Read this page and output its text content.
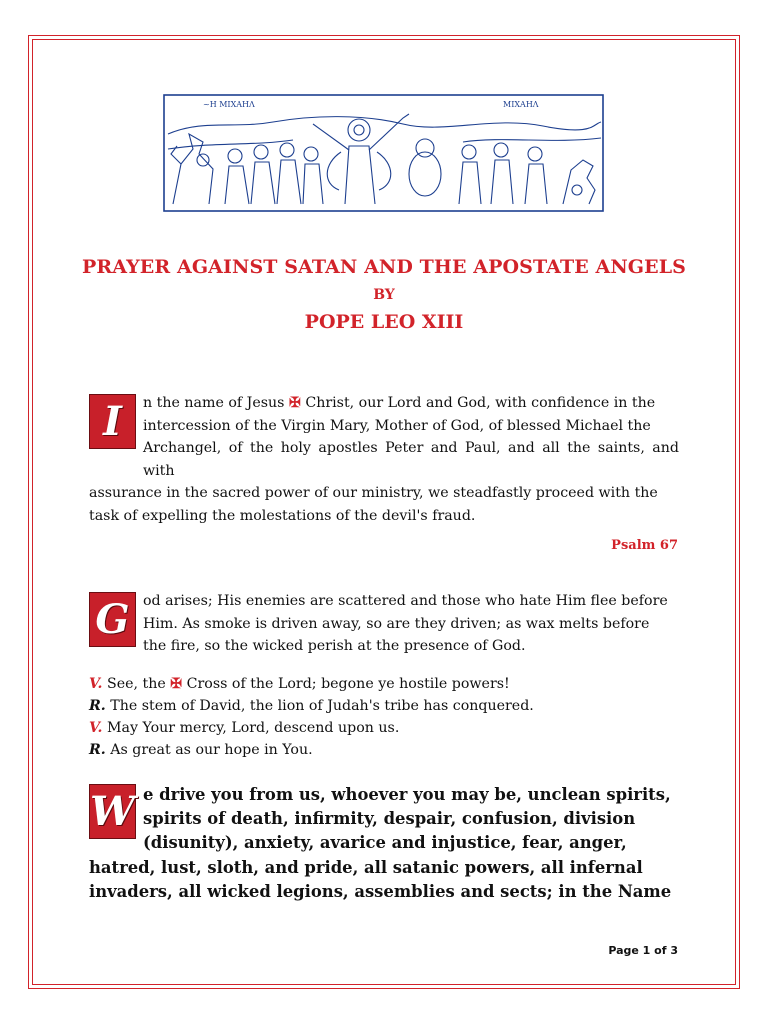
~Η ΜΙΧΑΗΛ	ΜΙΧΑΗΛ
PRAYER AGAINST SATAN AND THE APOSTATE ANGELS
BY
POPE LEO XIII
I	n the name of Jesus ✠ Christ, our Lord and God, with confidence in the
intercession of the Virgin Mary, Mother of God, of blessed Michael the
Archangel, of the holy apostles Peter and Paul, and all the saints, and with
assurance in the sacred power of our ministry, we steadfastly proceed with the
task of expelling the molestations of the devil's fraud.
Psalm 67
G od arises; His enemies are scattered and those who hate Him flee before
Him. As smoke is driven away, so are they driven; as wax melts before
the fire, so the wicked perish at the presence of God.
V. See, the ✠ Cross of the Lord; begone ye hostile powers!
R. The stem of David, the lion of Judah's tribe has conquered.
V. May Your mercy, Lord, descend upon us.
R. As great as our hope in You.
W e drive you from us, whoever you may be, unclean spirits,
spirits of death, infirmity, despair, confusion, division
(disunity), anxiety, avarice and injustice, fear, anger,
hatred, lust, sloth, and pride, all satanic powers, all infernal
invaders, all wicked legions, assemblies and sects; in the Name
Page 1 of 3
